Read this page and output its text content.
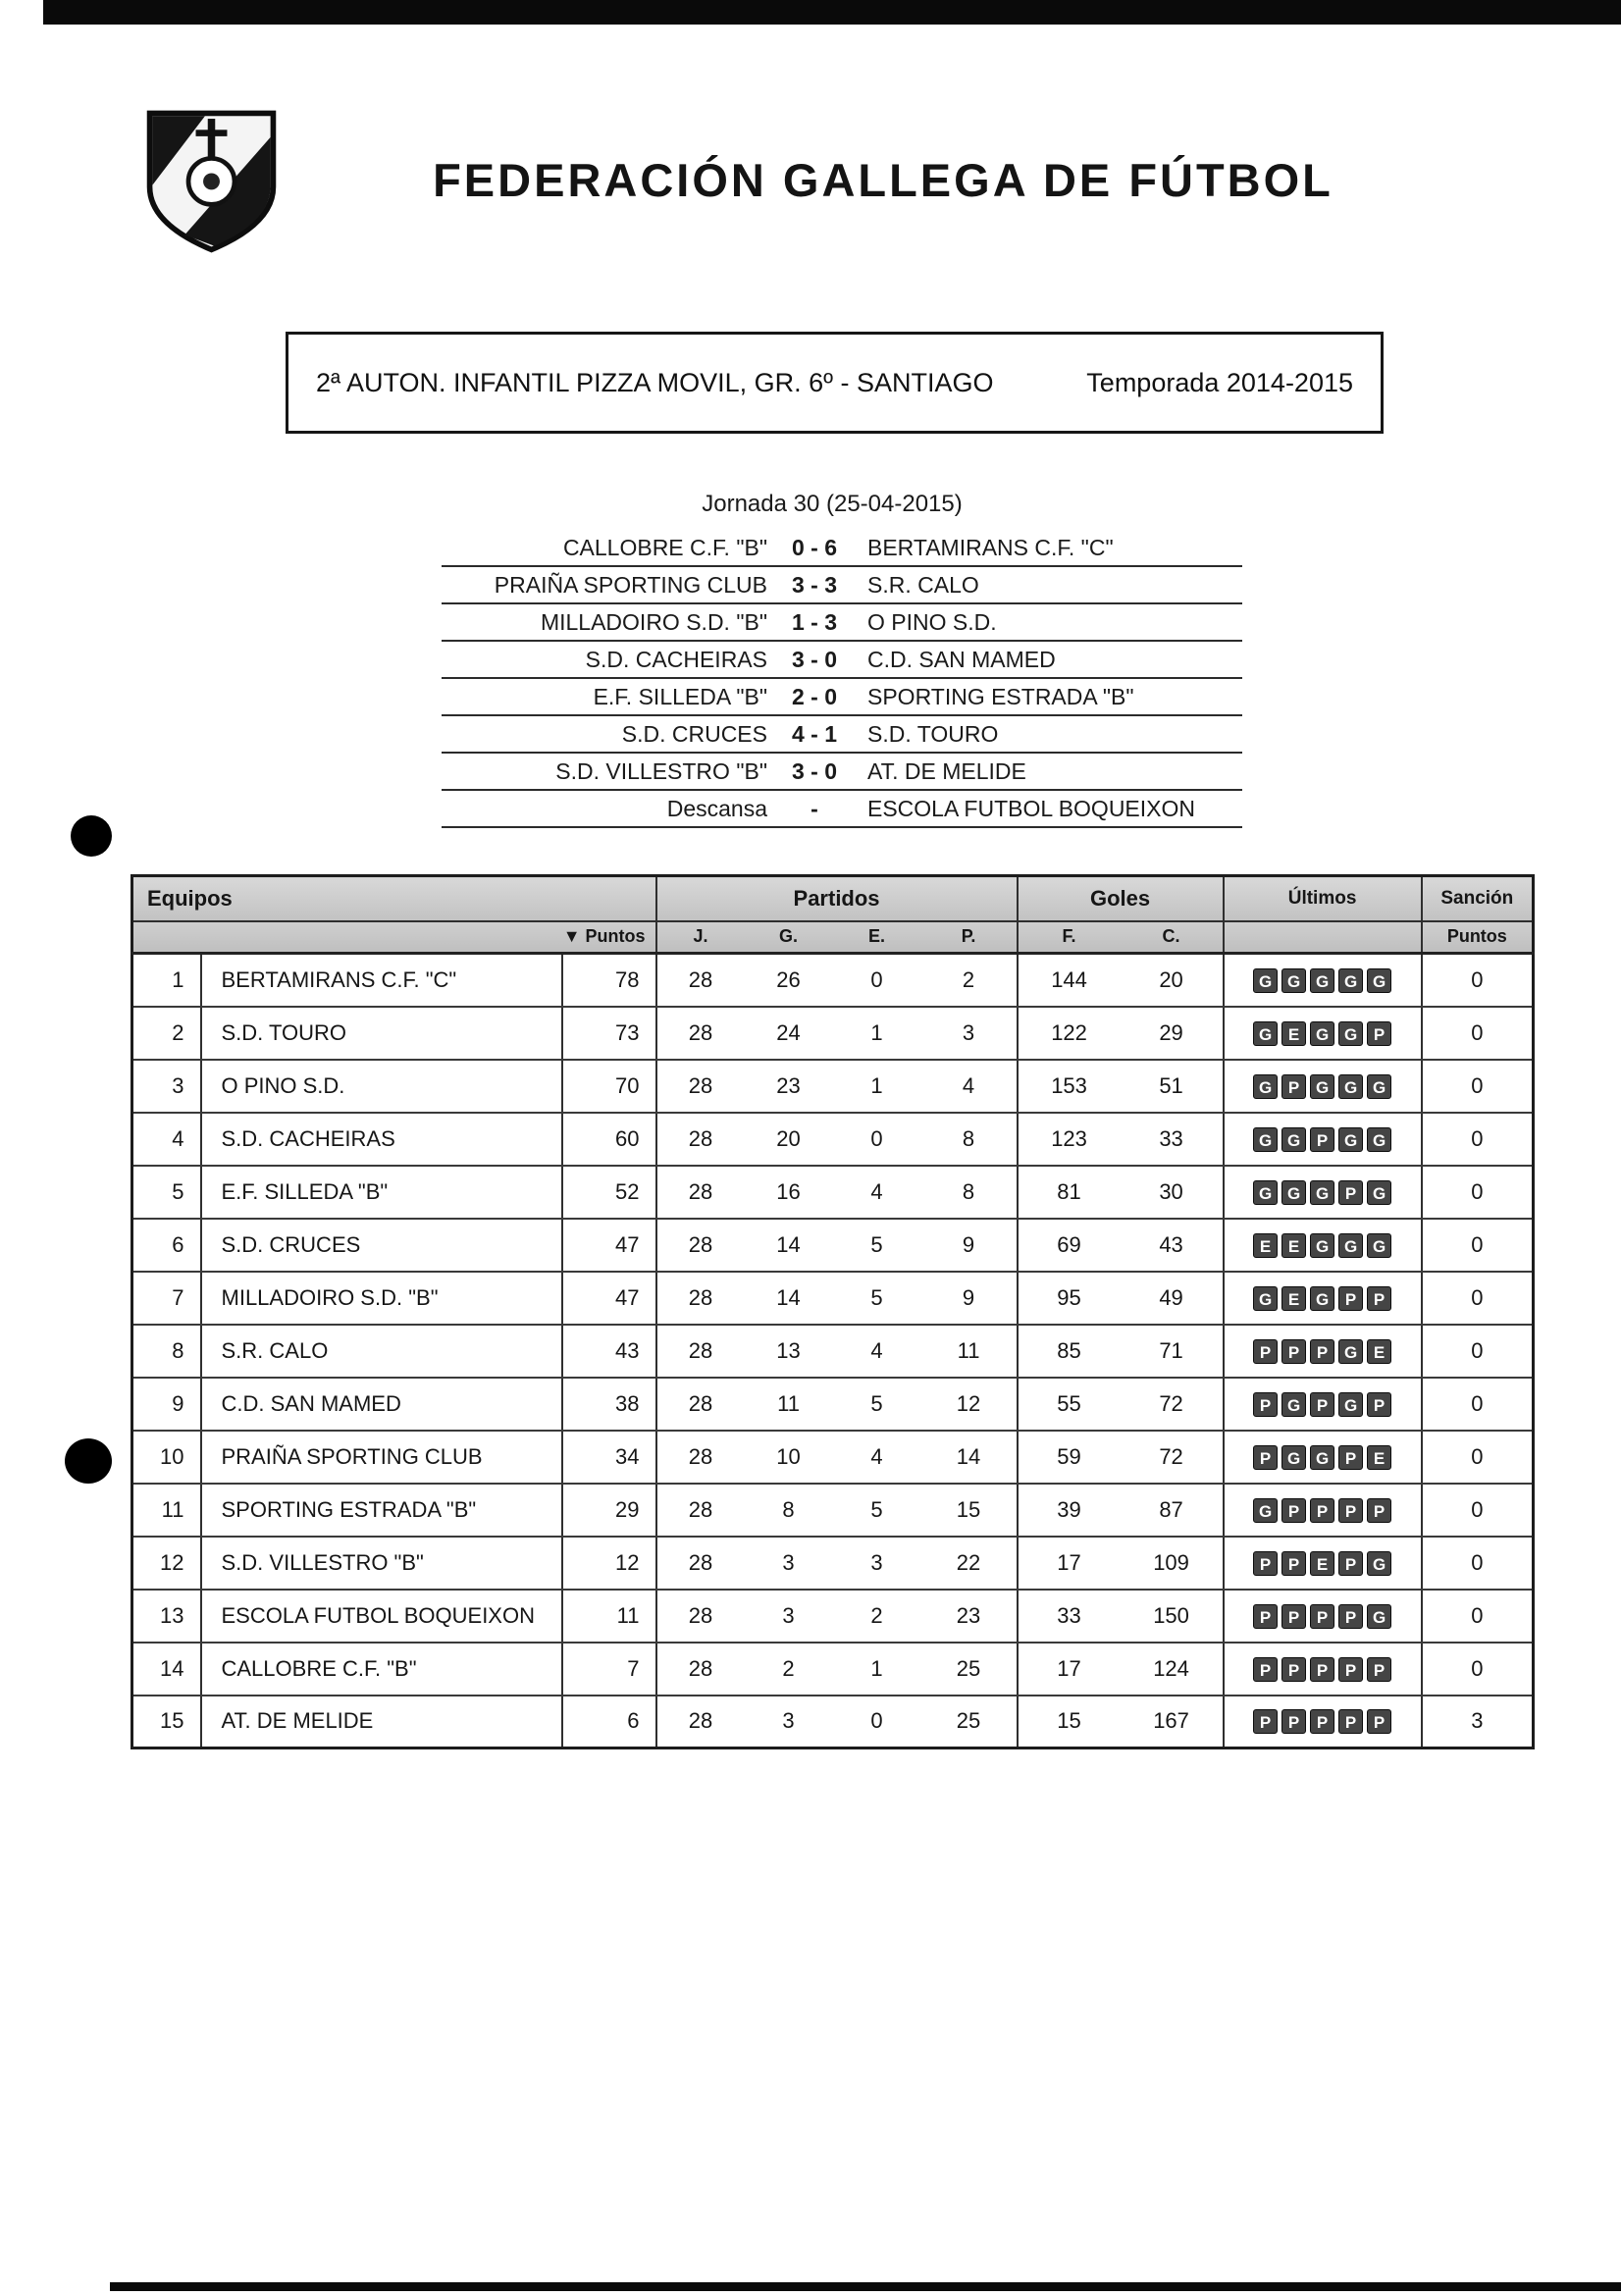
FEDERACIÓN GALLEGA DE FÚTBOL
2ª AUTON. INFANTIL PIZZA MOVIL, GR. 6º - SANTIAGO	Temporada 2014-2015
Jornada 30 (25-04-2015)
CALLOBRE C.F. "B"	0 - 6	BERTAMIRANS C.F. "C"
PRAIÑA SPORTING CLUB	3 - 3	S.R. CALO
MILLADOIRO S.D. "B"	1 - 3	O PINO S.D.
S.D. CACHEIRAS	3 - 0	C.D. SAN MAMED
E.F. SILLEDA "B"	2 - 0	SPORTING ESTRADA "B"
S.D. CRUCES	4 - 1	S.D. TOURO
S.D. VILLESTRO "B"	3 - 0	AT. DE MELIDE
Descansa	-	ESCOLA FUTBOL BOQUEIXON
Equipos			Partidos				Goles		Últimos	Sanción
		▼ Puntos	J.	G.	E.	P.	F.	C.		Puntos
1	BERTAMIRANS C.F. "C"	78	28	26	0	2	144	20	G G G G G	0
2	S.D. TOURO	73	28	24	1	3	122	29	G E G G P	0
3	O PINO S.D.	70	28	23	1	4	153	51	G P G G G	0
4	S.D. CACHEIRAS	60	28	20	0	8	123	33	G G P G G	0
5	E.F. SILLEDA "B"	52	28	16	4	8	81	30	G G G P G	0
6	S.D. CRUCES	47	28	14	5	9	69	43	E E G G G	0
7	MILLADOIRO S.D. "B"	47	28	14	5	9	95	49	G E G P P	0
8	S.R. CALO	43	28	13	4	11	85	71	P P P G E	0
9	C.D. SAN MAMED	38	28	11	5	12	55	72	P G P G P	0
10	PRAIÑA SPORTING CLUB	34	28	10	4	14	59	72	P G G P E	0
11	SPORTING ESTRADA "B"	29	28	8	5	15	39	87	G P P P P	0
12	S.D. VILLESTRO "B"	12	28	3	3	22	17	109	P P E P G	0
13	ESCOLA FUTBOL BOQUEIXON	11	28	3	2	23	33	150	P P P P G	0
14	CALLOBRE C.F. "B"	7	28	2	1	25	17	124	P P P P P	0
15	AT. DE MELIDE	6	28	3	0	25	15	167	P P P P P	3
